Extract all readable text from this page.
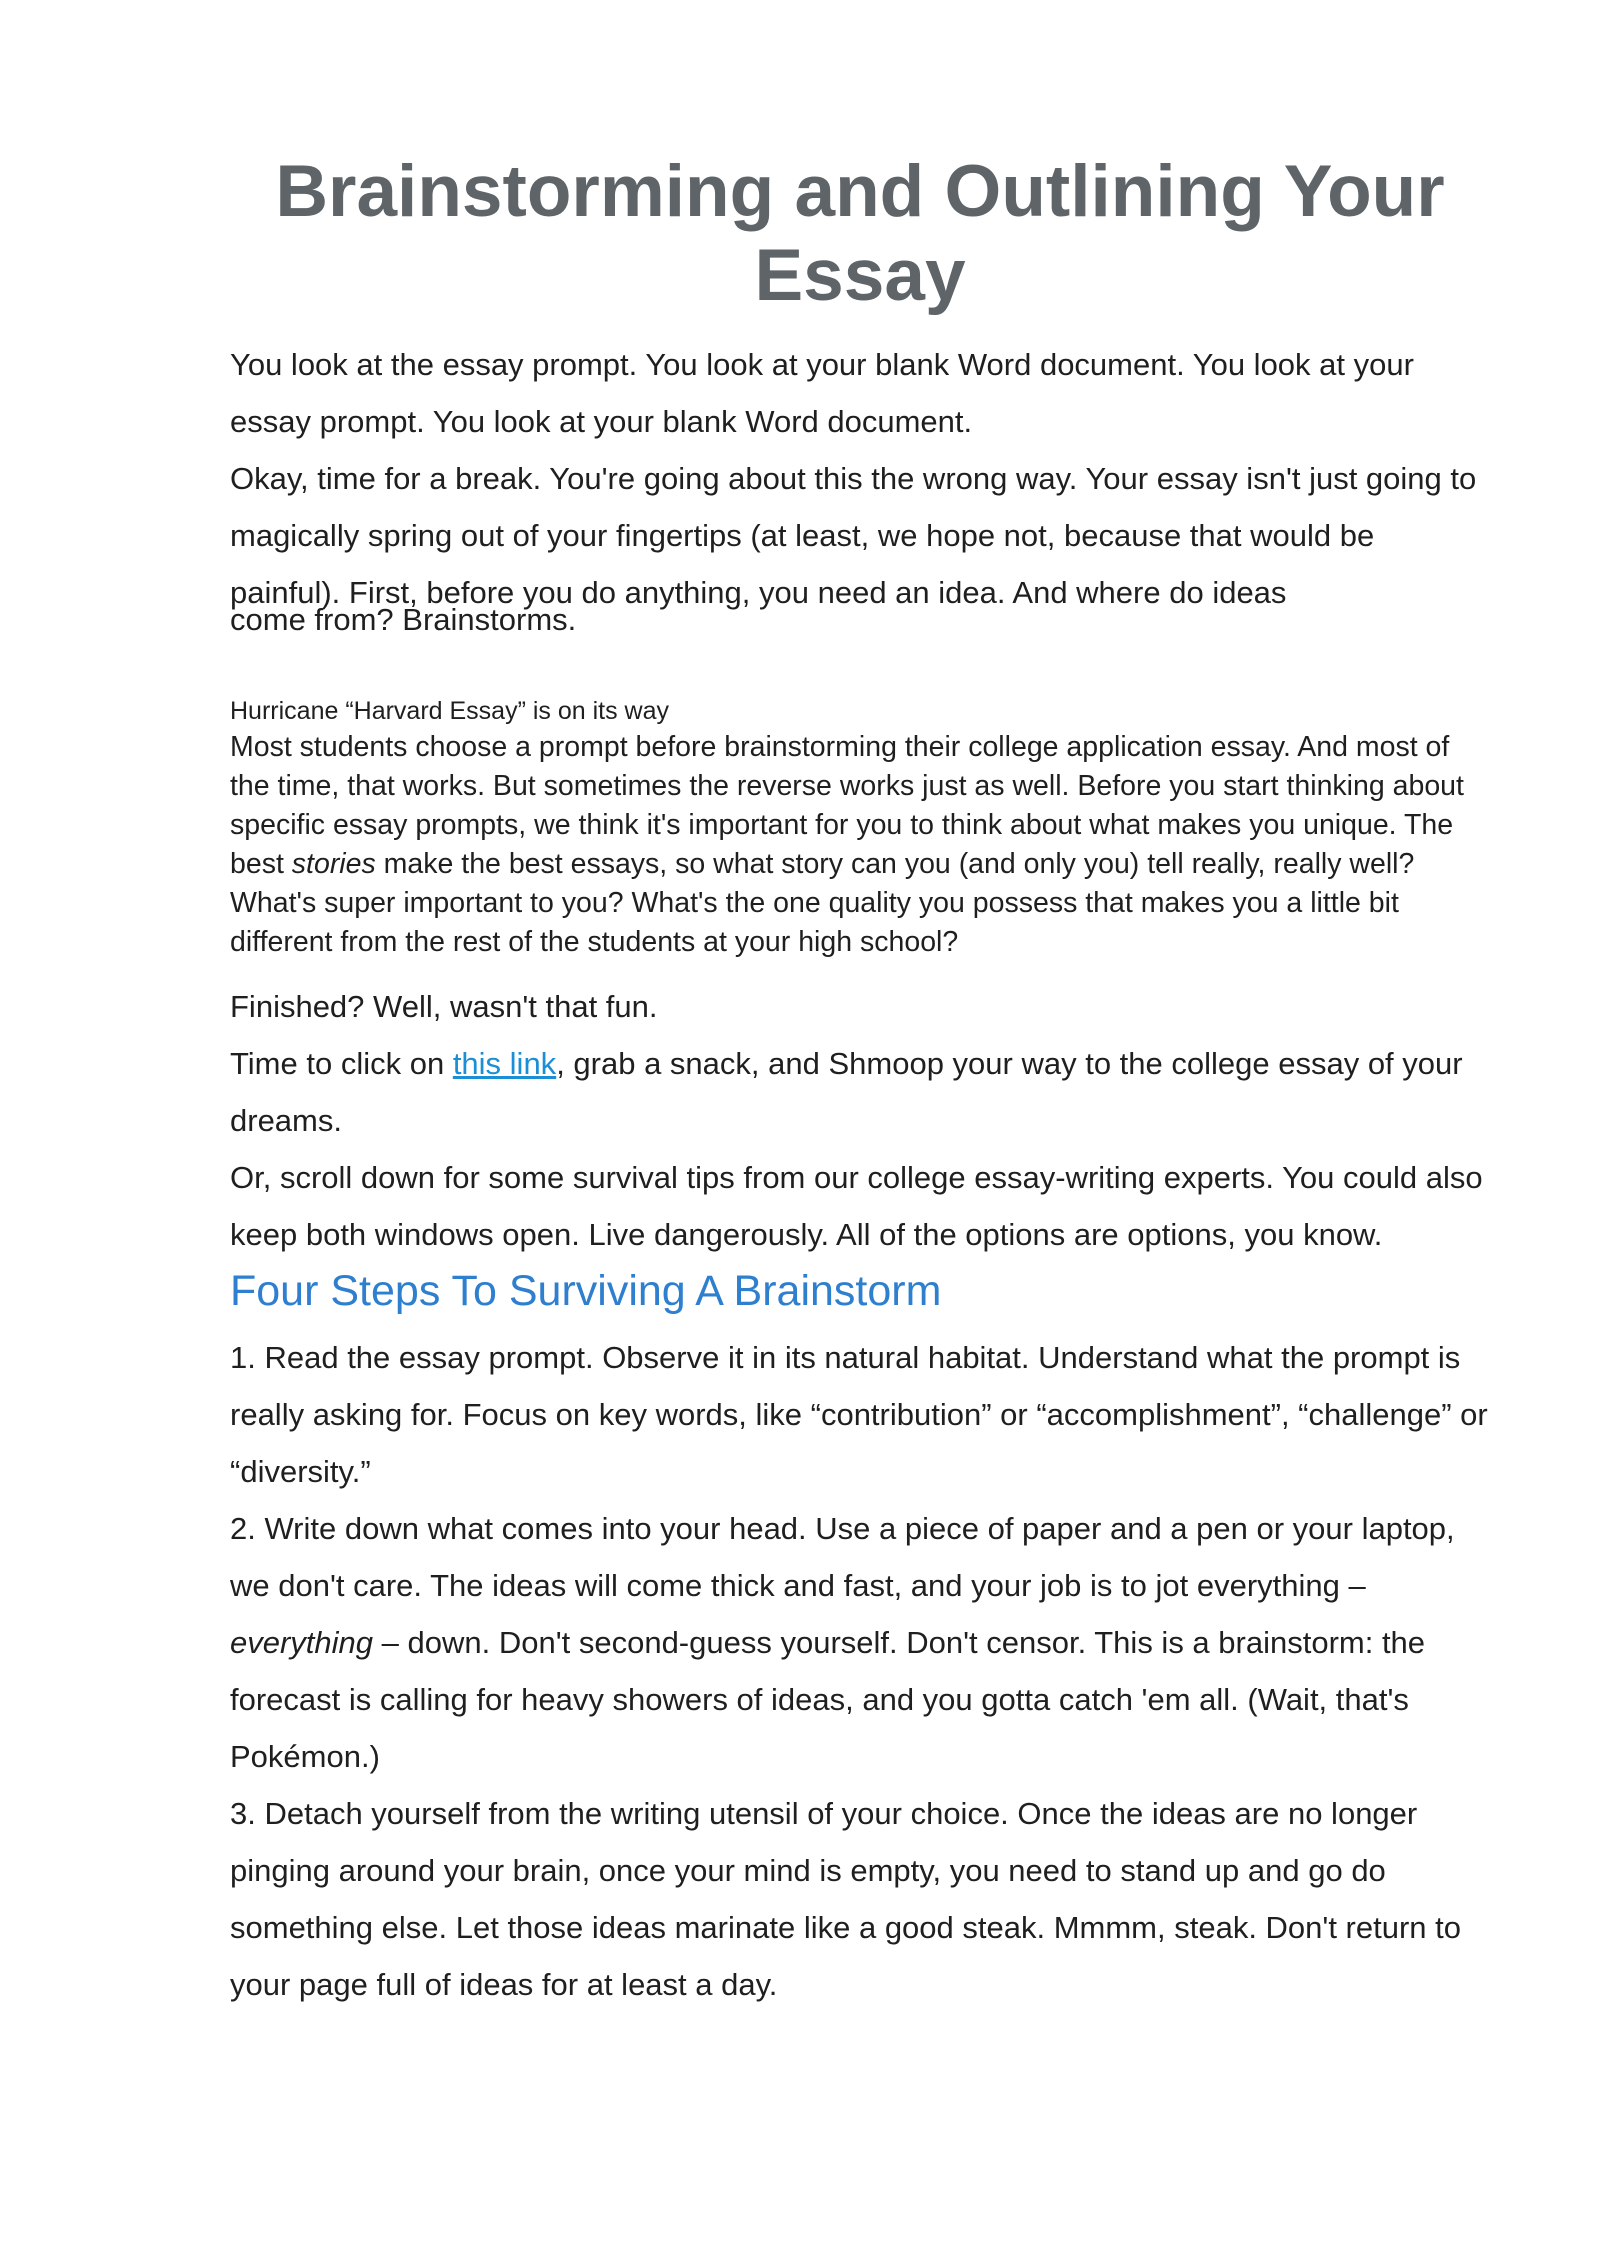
Brainstorming and Outlining Your Essay

You look at the essay prompt. You look at your blank Word document. You look at your essay prompt. You look at your blank Word document.

Okay, time for a break. You're going about this the wrong way. Your essay isn't just going to magically spring out of your fingertips (at least, we hope not, because that would be painful). First, before you do anything, you need an idea. And where do ideas

come from? Brainstorms.

Hurricane “Harvard Essay” is on its way

Most students choose a prompt before brainstorming their college application essay. And most of the time, that works. But sometimes the reverse works just as well. Before you start thinking about specific essay prompts, we think it's important for you to think about what makes you unique. The best stories make the best essays, so what story can you (and only you) tell really, really well? What's super important to you? What's the one quality you possess that makes you a little bit different from the rest of the students at your high school?

Finished? Well, wasn't that fun.

Time to click on this link, grab a snack, and Shmoop your way to the college essay of your dreams.

Or, scroll down for some survival tips from our college essay-writing experts. You could also keep both windows open. Live dangerously. All of the options are options, you know.

Four Steps To Surviving A Brainstorm

1. Read the essay prompt. Observe it in its natural habitat. Understand what the prompt is really asking for. Focus on key words, like “contribution” or “accomplishment”, “challenge” or “diversity.”

2. Write down what comes into your head. Use a piece of paper and a pen or your laptop, we don't care. The ideas will come thick and fast, and your job is to jot everything – everything – down. Don't second-guess yourself. Don't censor. This is a brainstorm: the forecast is calling for heavy showers of ideas, and you gotta catch 'em all. (Wait, that's Pokémon.)

3. Detach yourself from the writing utensil of your choice. Once the ideas are no longer pinging around your brain, once your mind is empty, you need to stand up and go do something else. Let those ideas marinate like a good steak. Mmmm, steak. Don't return to your page full of ideas for at least a day.
